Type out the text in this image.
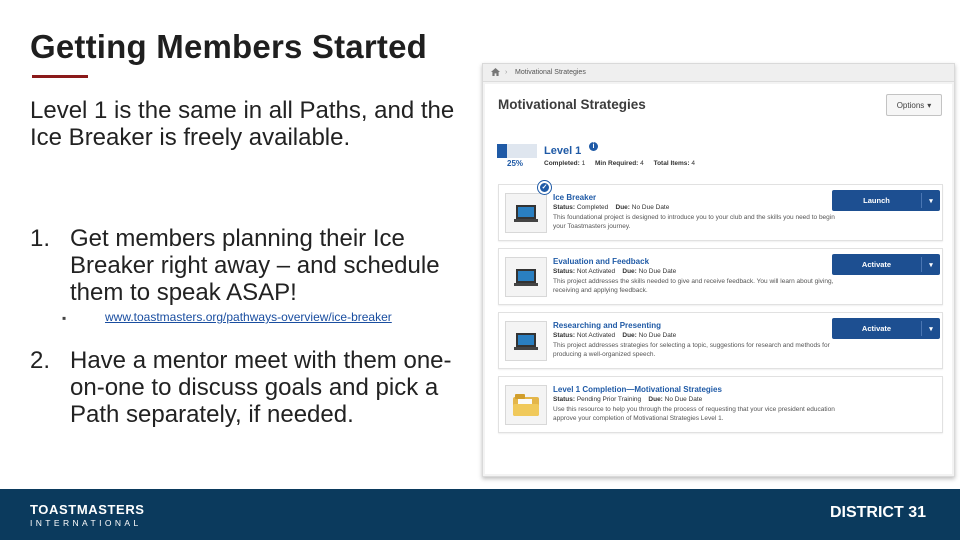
Getting Members Started
Level 1 is the same in all Paths, and the Ice Breaker is freely available.
1. Get members planning their Ice Breaker right away – and schedule them to speak ASAP!
▪	www.toastmasters.org/pathways-overview/ice-breaker
2. Have a mentor meet with them one-on-one to discuss goals and pick a Path separately, if needed.
› Motivational Strategies
Motivational Strategies	Options ▾
25%
Level 1	i
Completed: 1 Min Required: 4 Total Items: 4
Ice Breaker
Status: Completed Due: No Due Date
This foundational project is designed to introduce you to your club and the skills you need to begin your Toastmasters journey.
Launch	▾
Evaluation and Feedback
Status: Not Activated Due: No Due Date
This project addresses the skills needed to give and receive feedback. You will learn about giving, receiving and applying feedback.
Activate	▾
Researching and Presenting
Status: Not Activated Due: No Due Date
This project addresses strategies for selecting a topic, suggestions for research and methods for producing a well-organized speech.
Activate	▾
Level 1 Completion—Motivational Strategies
Status: Pending Prior Training Due: No Due Date
Use this resource to help you through the process of requesting that your vice president education approve your completion of Motivational Strategies Level 1.
✓
TOASTMASTERS
INTERNATIONAL
DISTRICT 31
